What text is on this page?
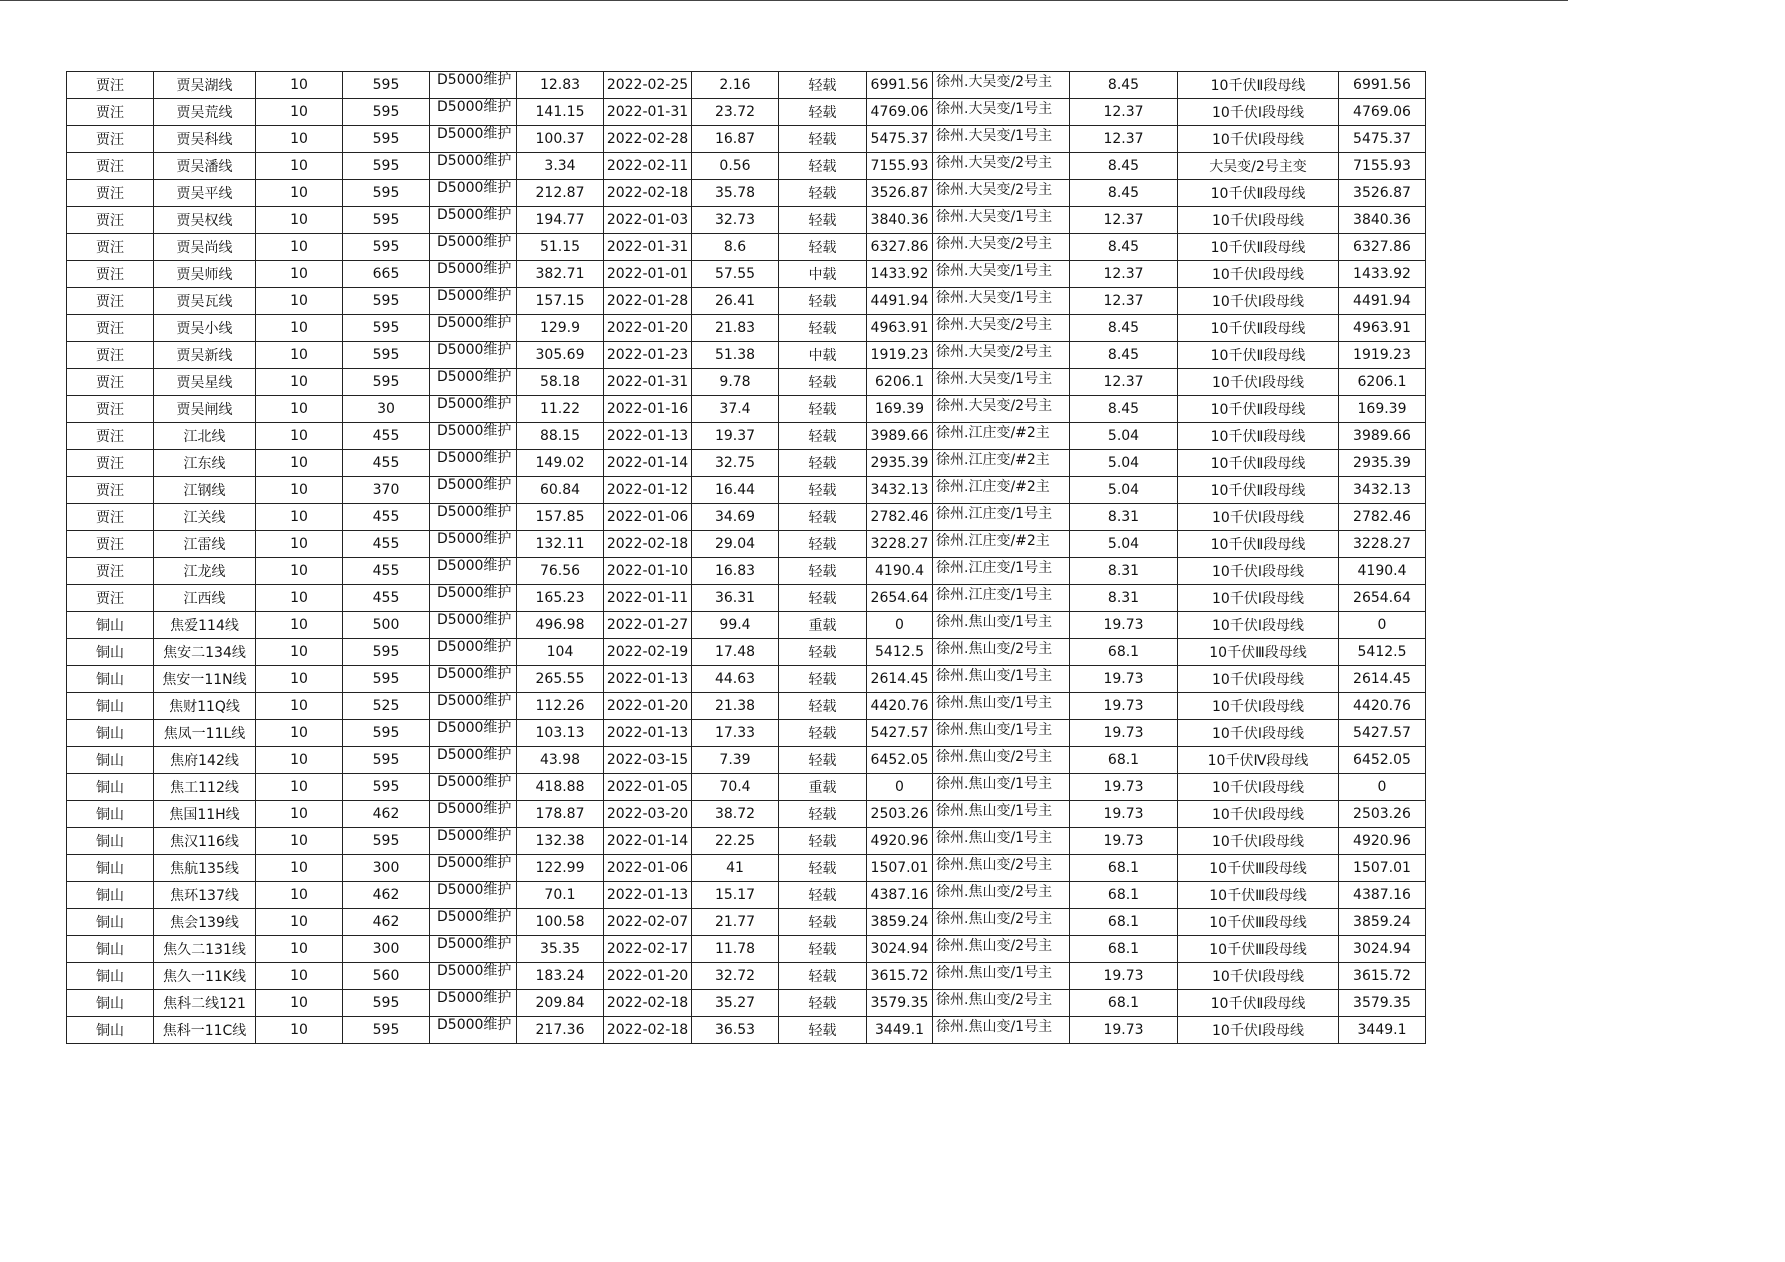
贾汪	贾吴湖线	10	595	D5000维护	12.83	2022-02-25	2.16	轻载	6991.56	徐州.大吴变/2号主	8.45	10千伏Ⅱ段母线	6991.56
贾汪	贾吴荒线	10	595	D5000维护	141.15	2022-01-31	23.72	轻载	4769.06	徐州.大吴变/1号主	12.37	10千伏Ⅰ段母线	4769.06
贾汪	贾吴科线	10	595	D5000维护	100.37	2022-02-28	16.87	轻载	5475.37	徐州.大吴变/1号主	12.37	10千伏Ⅰ段母线	5475.37
贾汪	贾吴潘线	10	595	D5000维护	3.34	2022-02-11	0.56	轻载	7155.93	徐州.大吴变/2号主	8.45	大吴变/2号主变	7155.93
贾汪	贾吴平线	10	595	D5000维护	212.87	2022-02-18	35.78	轻载	3526.87	徐州.大吴变/2号主	8.45	10千伏Ⅱ段母线	3526.87
贾汪	贾吴权线	10	595	D5000维护	194.77	2022-01-03	32.73	轻载	3840.36	徐州.大吴变/1号主	12.37	10千伏Ⅰ段母线	3840.36
贾汪	贾吴尚线	10	595	D5000维护	51.15	2022-01-31	8.6	轻载	6327.86	徐州.大吴变/2号主	8.45	10千伏Ⅱ段母线	6327.86
贾汪	贾吴师线	10	665	D5000维护	382.71	2022-01-01	57.55	中载	1433.92	徐州.大吴变/1号主	12.37	10千伏Ⅰ段母线	1433.92
贾汪	贾吴瓦线	10	595	D5000维护	157.15	2022-01-28	26.41	轻载	4491.94	徐州.大吴变/1号主	12.37	10千伏Ⅰ段母线	4491.94
贾汪	贾吴小线	10	595	D5000维护	129.9	2022-01-20	21.83	轻载	4963.91	徐州.大吴变/2号主	8.45	10千伏Ⅱ段母线	4963.91
贾汪	贾吴新线	10	595	D5000维护	305.69	2022-01-23	51.38	中载	1919.23	徐州.大吴变/2号主	8.45	10千伏Ⅱ段母线	1919.23
贾汪	贾吴星线	10	595	D5000维护	58.18	2022-01-31	9.78	轻载	6206.1	徐州.大吴变/1号主	12.37	10千伏Ⅰ段母线	6206.1
贾汪	贾吴闸线	10	30	D5000维护	11.22	2022-01-16	37.4	轻载	169.39	徐州.大吴变/2号主	8.45	10千伏Ⅱ段母线	169.39
贾汪	江北线	10	455	D5000维护	88.15	2022-01-13	19.37	轻载	3989.66	徐州.江庄变/#2主	5.04	10千伏Ⅱ段母线	3989.66
贾汪	江东线	10	455	D5000维护	149.02	2022-01-14	32.75	轻载	2935.39	徐州.江庄变/#2主	5.04	10千伏Ⅱ段母线	2935.39
贾汪	江钢线	10	370	D5000维护	60.84	2022-01-12	16.44	轻载	3432.13	徐州.江庄变/#2主	5.04	10千伏Ⅱ段母线	3432.13
贾汪	江关线	10	455	D5000维护	157.85	2022-01-06	34.69	轻载	2782.46	徐州.江庄变/1号主	8.31	10千伏Ⅰ段母线	2782.46
贾汪	江雷线	10	455	D5000维护	132.11	2022-02-18	29.04	轻载	3228.27	徐州.江庄变/#2主	5.04	10千伏Ⅱ段母线	3228.27
贾汪	江龙线	10	455	D5000维护	76.56	2022-01-10	16.83	轻载	4190.4	徐州.江庄变/1号主	8.31	10千伏Ⅰ段母线	4190.4
贾汪	江西线	10	455	D5000维护	165.23	2022-01-11	36.31	轻载	2654.64	徐州.江庄变/1号主	8.31	10千伏Ⅰ段母线	2654.64
铜山	焦爱114线	10	500	D5000维护	496.98	2022-01-27	99.4	重载	0	徐州.焦山变/1号主	19.73	10千伏Ⅰ段母线	0
铜山	焦安二134线	10	595	D5000维护	104	2022-02-19	17.48	轻载	5412.5	徐州.焦山变/2号主	68.1	10千伏Ⅲ段母线	5412.5
铜山	焦安一11N线	10	595	D5000维护	265.55	2022-01-13	44.63	轻载	2614.45	徐州.焦山变/1号主	19.73	10千伏Ⅰ段母线	2614.45
铜山	焦财11Q线	10	525	D5000维护	112.26	2022-01-20	21.38	轻载	4420.76	徐州.焦山变/1号主	19.73	10千伏Ⅰ段母线	4420.76
铜山	焦凤一11L线	10	595	D5000维护	103.13	2022-01-13	17.33	轻载	5427.57	徐州.焦山变/1号主	19.73	10千伏Ⅰ段母线	5427.57
铜山	焦府142线	10	595	D5000维护	43.98	2022-03-15	7.39	轻载	6452.05	徐州.焦山变/2号主	68.1	10千伏Ⅳ段母线	6452.05
铜山	焦工112线	10	595	D5000维护	418.88	2022-01-05	70.4	重载	0	徐州.焦山变/1号主	19.73	10千伏Ⅰ段母线	0
铜山	焦国11H线	10	462	D5000维护	178.87	2022-03-20	38.72	轻载	2503.26	徐州.焦山变/1号主	19.73	10千伏Ⅰ段母线	2503.26
铜山	焦汉116线	10	595	D5000维护	132.38	2022-01-14	22.25	轻载	4920.96	徐州.焦山变/1号主	19.73	10千伏Ⅰ段母线	4920.96
铜山	焦航135线	10	300	D5000维护	122.99	2022-01-06	41	轻载	1507.01	徐州.焦山变/2号主	68.1	10千伏Ⅲ段母线	1507.01
铜山	焦环137线	10	462	D5000维护	70.1	2022-01-13	15.17	轻载	4387.16	徐州.焦山变/2号主	68.1	10千伏Ⅲ段母线	4387.16
铜山	焦会139线	10	462	D5000维护	100.58	2022-02-07	21.77	轻载	3859.24	徐州.焦山变/2号主	68.1	10千伏Ⅲ段母线	3859.24
铜山	焦久二131线	10	300	D5000维护	35.35	2022-02-17	11.78	轻载	3024.94	徐州.焦山变/2号主	68.1	10千伏Ⅲ段母线	3024.94
铜山	焦久一11K线	10	560	D5000维护	183.24	2022-01-20	32.72	轻载	3615.72	徐州.焦山变/1号主	19.73	10千伏Ⅰ段母线	3615.72
铜山	焦科二线121	10	595	D5000维护	209.84	2022-02-18	35.27	轻载	3579.35	徐州.焦山变/2号主	68.1	10千伏Ⅱ段母线	3579.35
铜山	焦科一11C线	10	595	D5000维护	217.36	2022-02-18	36.53	轻载	3449.1	徐州.焦山变/1号主	19.73	10千伏Ⅰ段母线	3449.1
